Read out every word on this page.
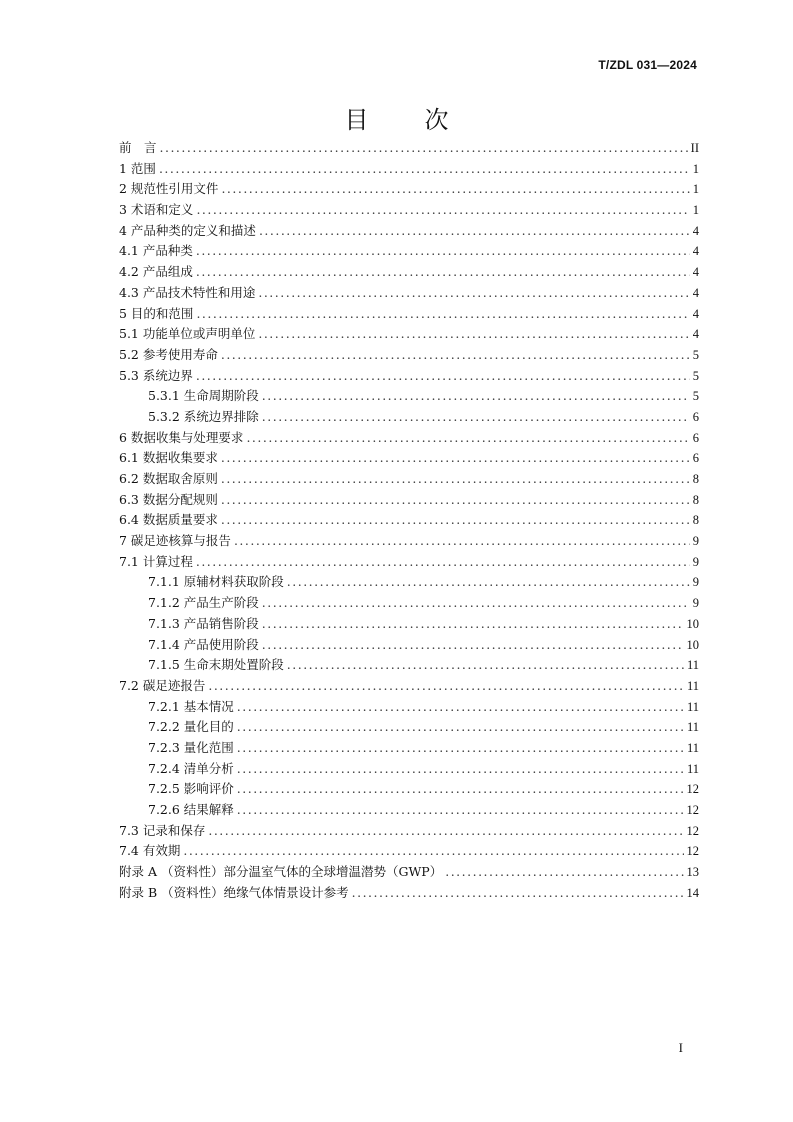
T/ZDL 031—2024
目　次
前　言 .....	II
1 范围 .....	1
2 规范性引用文件 .....	1
3 术语和定义 .....	1
4 产品种类的定义和描述 .....	4
4.1 产品种类 .....	4
4.2 产品组成 .....	4
4.3 产品技术特性和用途 .....	4
5 目的和范围 .....	4
5.1 功能单位或声明单位 .....	4
5.2 参考使用寿命 .....	5
5.3 系统边界 .....	5
5.3.1 生命周期阶段 .....	5
5.3.2 系统边界排除 .....	6
6 数据收集与处理要求 .....	6
6.1 数据收集要求 .....	6
6.2 数据取舍原则 .....	8
6.3 数据分配规则 .....	8
6.4 数据质量要求 .....	8
7 碳足迹核算与报告 .....	9
7.1 计算过程 .....	9
7.1.1 原辅材料获取阶段 .....	9
7.1.2 产品生产阶段 .....	9
7.1.3 产品销售阶段 .....	10
7.1.4 产品使用阶段 .....	10
7.1.5 生命末期处置阶段 .....	11
7.2 碳足迹报告 .....	11
7.2.1 基本情况 .....	11
7.2.2 量化目的 .....	11
7.2.3 量化范围 .....	11
7.2.4 清单分析 .....	11
7.2.5 影响评价 .....	12
7.2.6 结果解释 .....	12
7.3 记录和保存 .....	12
7.4 有效期 .....	12
附录 A （资料性）部分温室气体的全球增温潜势（GWP） .....	13
附录 B （资料性）绝缘气体情景设计参考 .....	14
I
